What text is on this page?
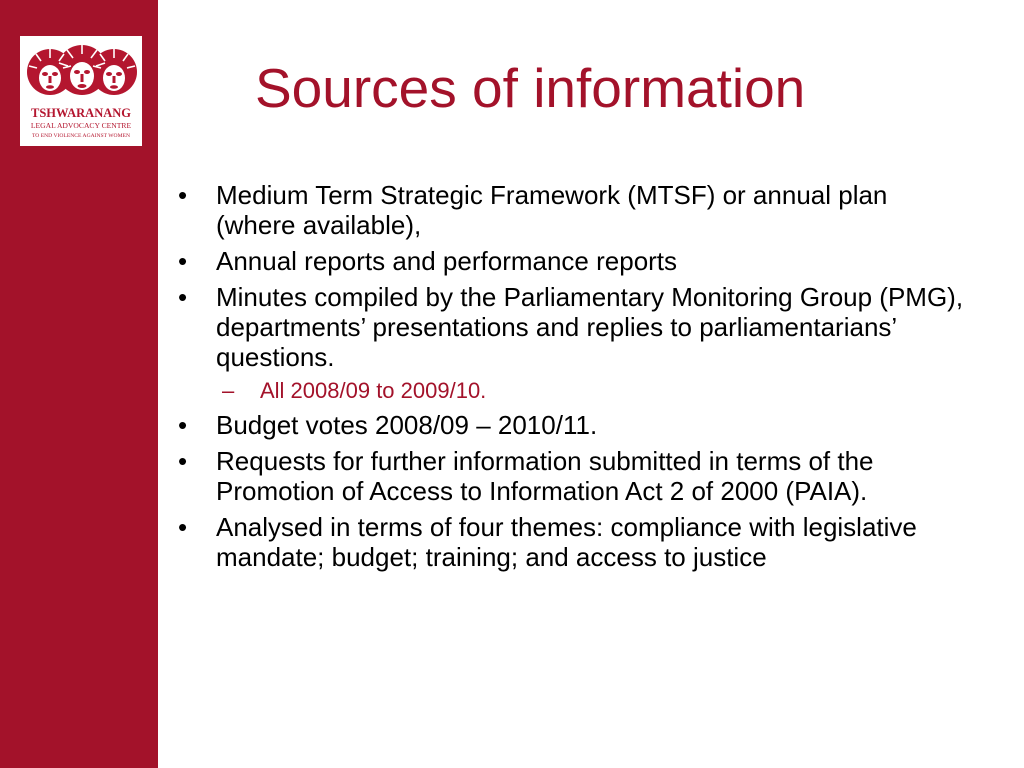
TSHWARANANG
LEGAL ADVOCACY CENTRE
TO END VIOLENCE AGAINST WOMEN
Sources of information
• Medium Term Strategic Framework (MTSF) or annual plan (where available),
• Annual reports and performance reports
• Minutes compiled by the Parliamentary Monitoring Group (PMG), departments’ presentations and replies to parliamentarians’ questions.
– All 2008/09 to 2009/10.
• Budget votes 2008/09 – 2010/11.
• Requests for further information submitted in terms of the Promotion of Access to Information Act 2 of 2000 (PAIA).
• Analysed in terms of four themes: compliance with legislative mandate; budget; training; and access to justice
